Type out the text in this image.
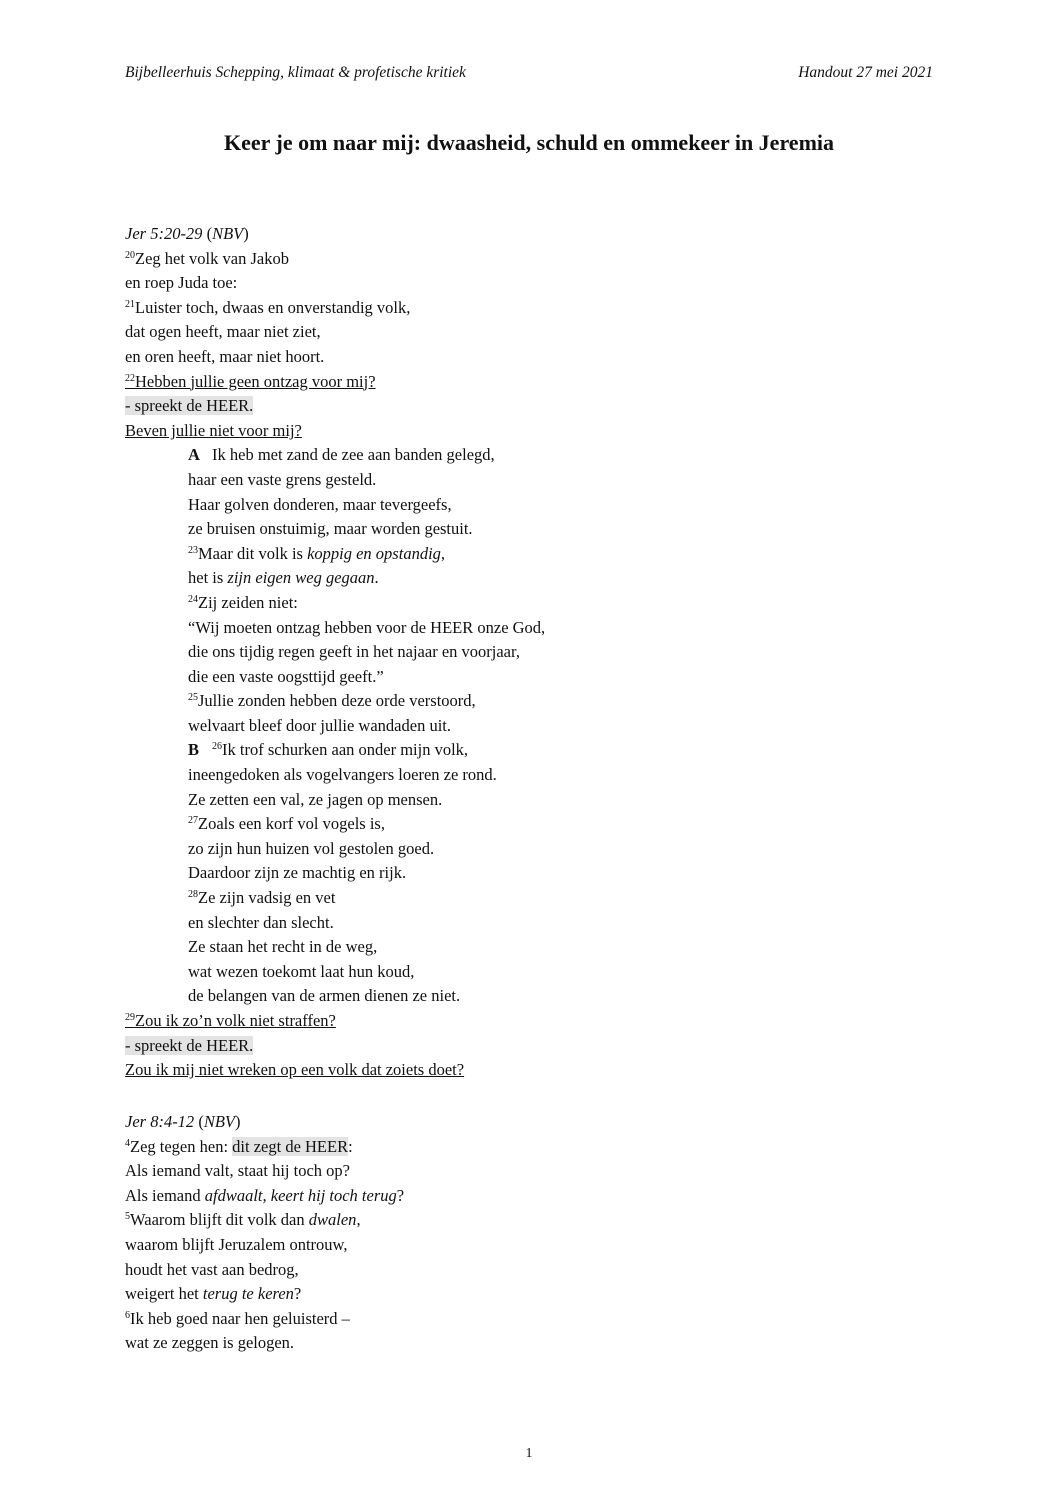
Bijbelleerhuis Schepping, klimaat & profetische kritiek	Handout 27 mei 2021
Keer je om naar mij: dwaasheid, schuld en ommekeer in Jeremia
Jer 5:20-29 (NBV)
$^{20}$Zeg het volk van Jakob
en roep Juda toe:
$^{21}$Luister toch, dwaas en onverstandig volk,
dat ogen heeft, maar niet ziet,
en oren heeft, maar niet hoort.
$^{22}$Hebben jullie geen ontzag voor mij?
- spreekt de HEER.
Beven jullie niet voor mij?
A Ik heb met zand de zee aan banden gelegd,
haar een vaste grens gesteld.
Haar golven donderen, maar tevergeefs,
ze bruisen onstuimig, maar worden gestuit.
$^{23}$Maar dit volk is koppig en opstandig,
het is zijn eigen weg gegaan.
$^{24}$Zij zeiden niet:
“Wij moeten ontzag hebben voor de HEER onze God,
die ons tijdig regen geeft in het najaar en voorjaar,
die een vaste oogsttijd geeft.”
$^{25}$Jullie zonden hebben deze orde verstoord,
welvaart bleef door jullie wandaden uit.
B $^{26}$Ik trof schurken aan onder mijn volk,
ineengedoken als vogelvangers loeren ze rond.
Ze zetten een val, ze jagen op mensen.
$^{27}$Zoals een korf vol vogels is,
zo zijn hun huizen vol gestolen goed.
Daardoor zijn ze machtig en rijk.
$^{28}$Ze zijn vadsig en vet
en slechter dan slecht.
Ze staan het recht in de weg,
wat wezen toekomt laat hun koud,
de belangen van de armen dienen ze niet.
$^{29}$Zou ik zo’n volk niet straffen?
- spreekt de HEER.
Zou ik mij niet wreken op een volk dat zoiets doet?
Jer 8:4-12 (NBV)
$^4$Zeg tegen hen: dit zegt de HEER:
Als iemand valt, staat hij toch op?
Als iemand afdwaalt, keert hij toch terug?
$^5$Waarom blijft dit volk dan dwalen,
waarom blijft Jeruzalem ontrouw,
houdt het vast aan bedrog,
weigert het terug te keren?
$^6$Ik heb goed naar hen geluisterd –
wat ze zeggen is gelogen.
1
